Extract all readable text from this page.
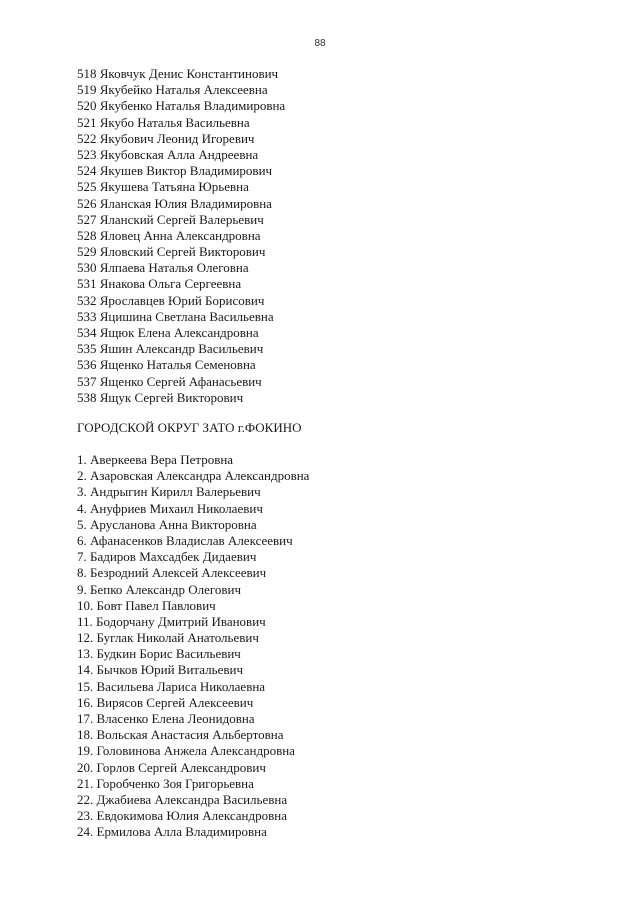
88
518 Яковчук Денис Константинович
519 Якубейко Наталья Алексеевна
520 Якубенко Наталья Владимировна
521 Якубо Наталья Васильевна
522 Якубович Леонид Игоревич
523 Якубовская Алла Андреевна
524 Якушев Виктор Владимирович
525 Якушева Татьяна Юрьевна
526 Яланская Юлия Владимировна
527 Яланский Сергей Валерьевич
528 Яловец Анна Александровна
529 Яловский Сергей Викторович
530 Ялпаева Наталья Олеговна
531 Янакова Ольга Сергеевна
532 Ярославцев Юрий Борисович
533 Яцишина Светлана Васильевна
534 Ящюк Елена Александровна
535 Яшин Александр Васильевич
536 Ященко Наталья Семеновна
537 Ященко Сергей Афанасьевич
538 Ящук Сергей Викторович
ГОРОДСКОЙ ОКРУГ ЗАТО г.ФОКИНО
1. Аверкеева Вера Петровна
2. Азаровская Александра Александровна
3. Андрыгин Кирилл Валерьевич
4. Ануфриев Михаил Николаевич
5. Арусланова Анна Викторовна
6. Афанасенков Владислав Алексеевич
7. Бадиров Махсадбек Дидаевич
8. Безродний Алексей Алексеевич
9. Бепко Александр Олегович
10. Бовт Павел Павлович
11. Бодорчану Дмитрий Иванович
12. Буглак Николай Анатольевич
13. Будкин Борис Васильевич
14. Бычков Юрий Витальевич
15. Васильева Лариса Николаевна
16. Вирясов Сергей Алексеевич
17. Власенко Елена Леонидовна
18. Вольская Анастасия Альбертовна
19. Головинова Анжела Александровна
20. Горлов Сергей Александрович
21. Горобченко Зоя Григорьевна
22. Джабиева Александра Васильевна
23. Евдокимова Юлия Александровна
24. Ермилова Алла Владимировна
